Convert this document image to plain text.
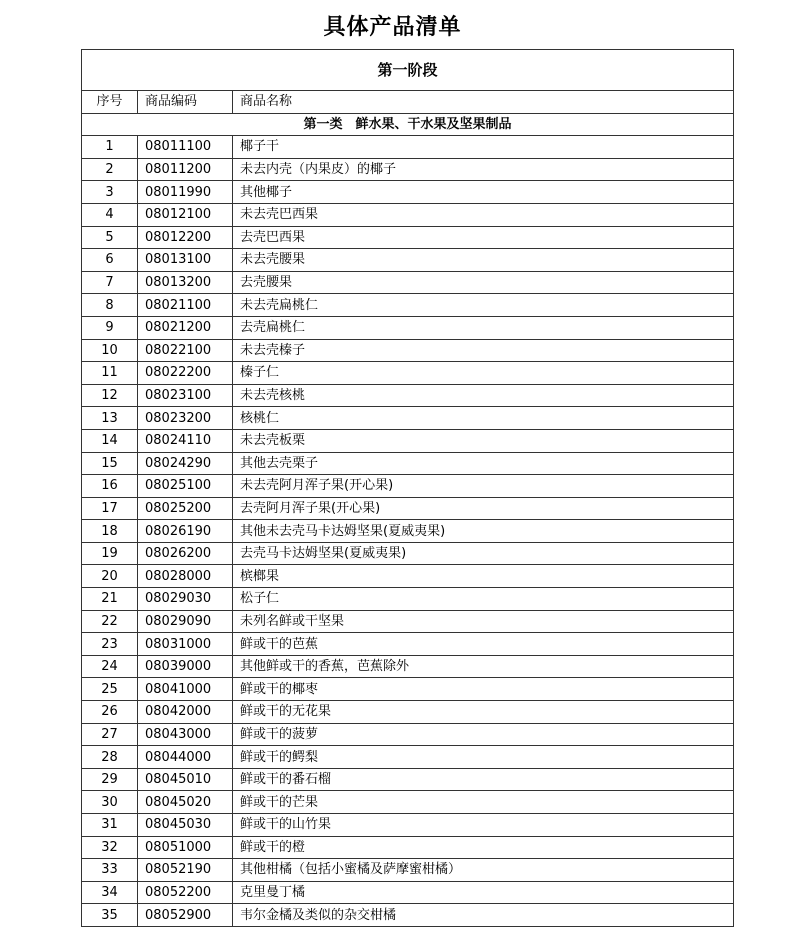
具体产品清单
第一阶段		
序号	商品编码	商品名称
第一类　鲜水果、干水果及坚果制品		
1	08011100	椰子干
2	08011200	未去内壳（内果皮）的椰子
3	08011990	其他椰子
4	08012100	未去壳巴西果
5	08012200	去壳巴西果
6	08013100	未去壳腰果
7	08013200	去壳腰果
8	08021100	未去壳扁桃仁
9	08021200	去壳扁桃仁
10	08022100	未去壳榛子
11	08022200	榛子仁
12	08023100	未去壳核桃
13	08023200	核桃仁
14	08024110	未去壳板栗
15	08024290	其他去壳栗子
16	08025100	未去壳阿月浑子果(开心果)
17	08025200	去壳阿月浑子果(开心果)
18	08026190	其他未去壳马卡达姆坚果(夏威夷果)
19	08026200	去壳马卡达姆坚果(夏威夷果)
20	08028000	槟榔果
21	08029030	松子仁
22	08029090	未列名鲜或干坚果
23	08031000	鲜或干的芭蕉
24	08039000	其他鲜或干的香蕉，芭蕉除外
25	08041000	鲜或干的椰枣
26	08042000	鲜或干的无花果
27	08043000	鲜或干的菠萝
28	08044000	鲜或干的鳄梨
29	08045010	鲜或干的番石榴
30	08045020	鲜或干的芒果
31	08045030	鲜或干的山竹果
32	08051000	鲜或干的橙
33	08052190	其他柑橘（包括小蜜橘及萨摩蜜柑橘）
34	08052200	克里曼丁橘
35	08052900	韦尔金橘及类似的杂交柑橘
